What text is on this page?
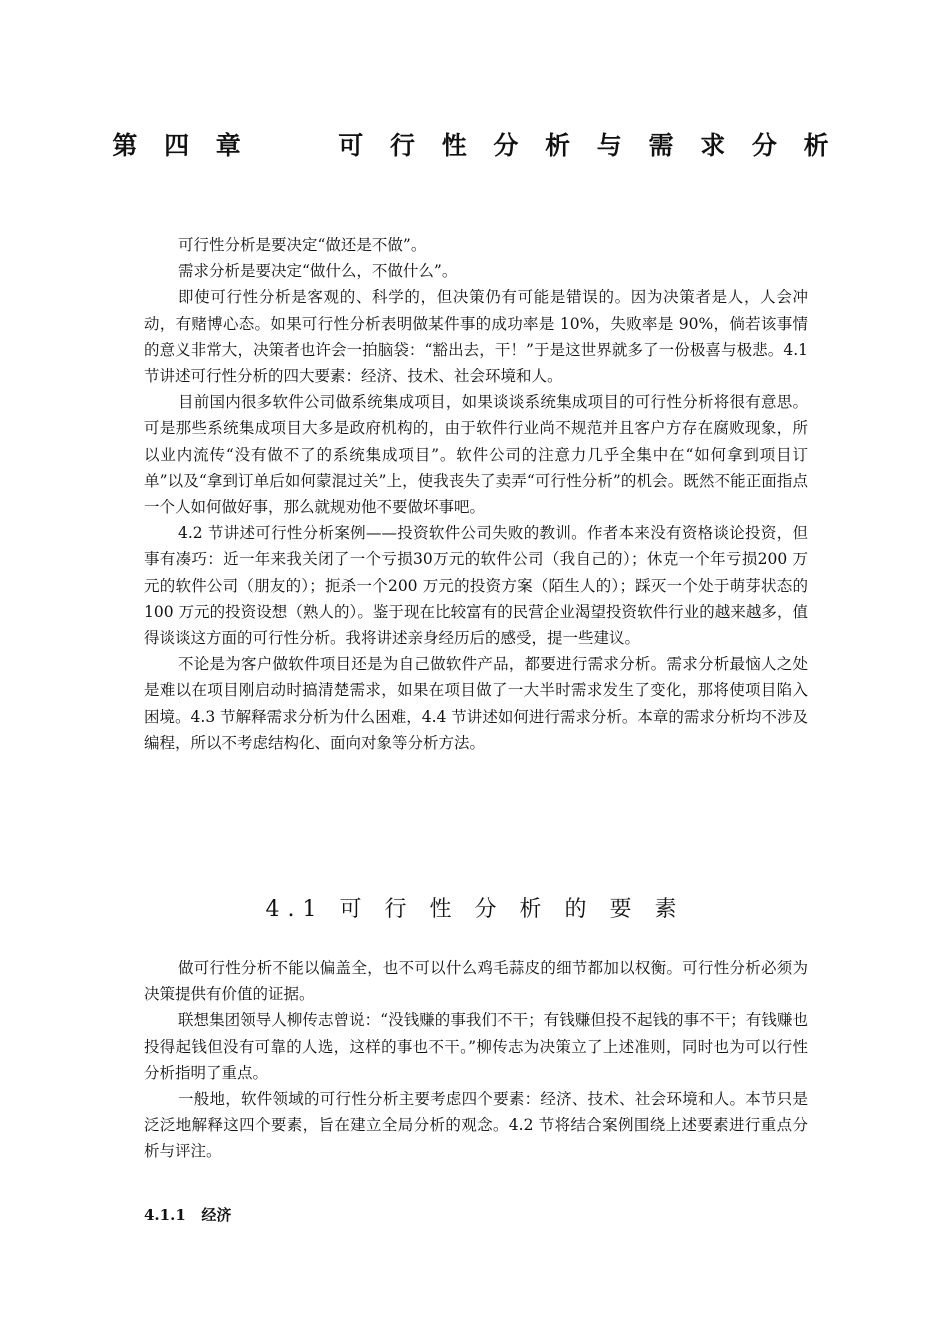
第 四 章     可 行 性 分 析 与 需 求 分 析

可行性分析是要决定“做还是不做”。

需求分析是要决定“做什么，不做什么”。

即使可行性分析是客观的、科学的，但决策仍有可能是错误的。因为决策者是人，人会冲动，有赌博心态。如果可行性分析表明做某件事的成功率是 10%，失败率是 90%，倘若该事情的意义非常大，决策者也许会一拍脑袋：“豁出去，干！”于是这世界就多了一份极喜与极悲。4.1 节讲述可行性分析的四大要素：经济、技术、社会环境和人。

目前国内很多软件公司做系统集成项目，如果谈谈系统集成项目的可行性分析将很有意思。可是那些系统集成项目大多是政府机构的，由于软件行业尚不规范并且客户方存在腐败现象，所以业内流传“没有做不了的系统集成项目”。软件公司的注意力几乎全集中在“如何拿到项目订单”以及“拿到订单后如何蒙混过关”上，使我丧失了卖弄“可行性分析”的机会。既然不能正面指点一个人如何做好事，那么就规劝他不要做坏事吧。

4.2 节讲述可行性分析案例——投资软件公司失败的教训。作者本来没有资格谈论投资，但事有凑巧：近一年来我关闭了一个亏损30万元的软件公司（我自己的）；休克一个年亏损200 万元的软件公司（朋友的）；扼杀一个200 万元的投资方案（陌生人的）；踩灭一个处于萌芽状态的100 万元的投资设想（熟人的）。鉴于现在比较富有的民营企业渴望投资软件行业的越来越多，值得谈谈这方面的可行性分析。我将讲述亲身经历后的感受，提一些建议。

不论是为客户做软件项目还是为自己做软件产品，都要进行需求分析。需求分析最恼人之处是难以在项目刚启动时搞清楚需求，如果在项目做了一大半时需求发生了变化，那将使项目陷入困境。4.3 节解释需求分析为什么困难，4.4 节讲述如何进行需求分析。本章的需求分析均不涉及编程，所以不考虑结构化、面向对象等分析方法。

4.1 可 行 性 分 析 的 要 素

做可行性分析不能以偏盖全，也不可以什么鸡毛蒜皮的细节都加以权衡。可行性分析必须为决策提供有价值的证据。

联想集团领导人柳传志曾说：“没钱赚的事我们不干；有钱赚但投不起钱的事不干；有钱赚也投得起钱但没有可靠的人选，这样的事也不干。”柳传志为决策立了上述准则，同时也为可以行性分析指明了重点。

一般地，软件领域的可行性分析主要考虑四个要素：经济、技术、社会环境和人。本节只是泛泛地解释这四个要素，旨在建立全局分析的观念。4.2 节将结合案例围绕上述要素进行重点分析与评注。

4.1.1   经济
